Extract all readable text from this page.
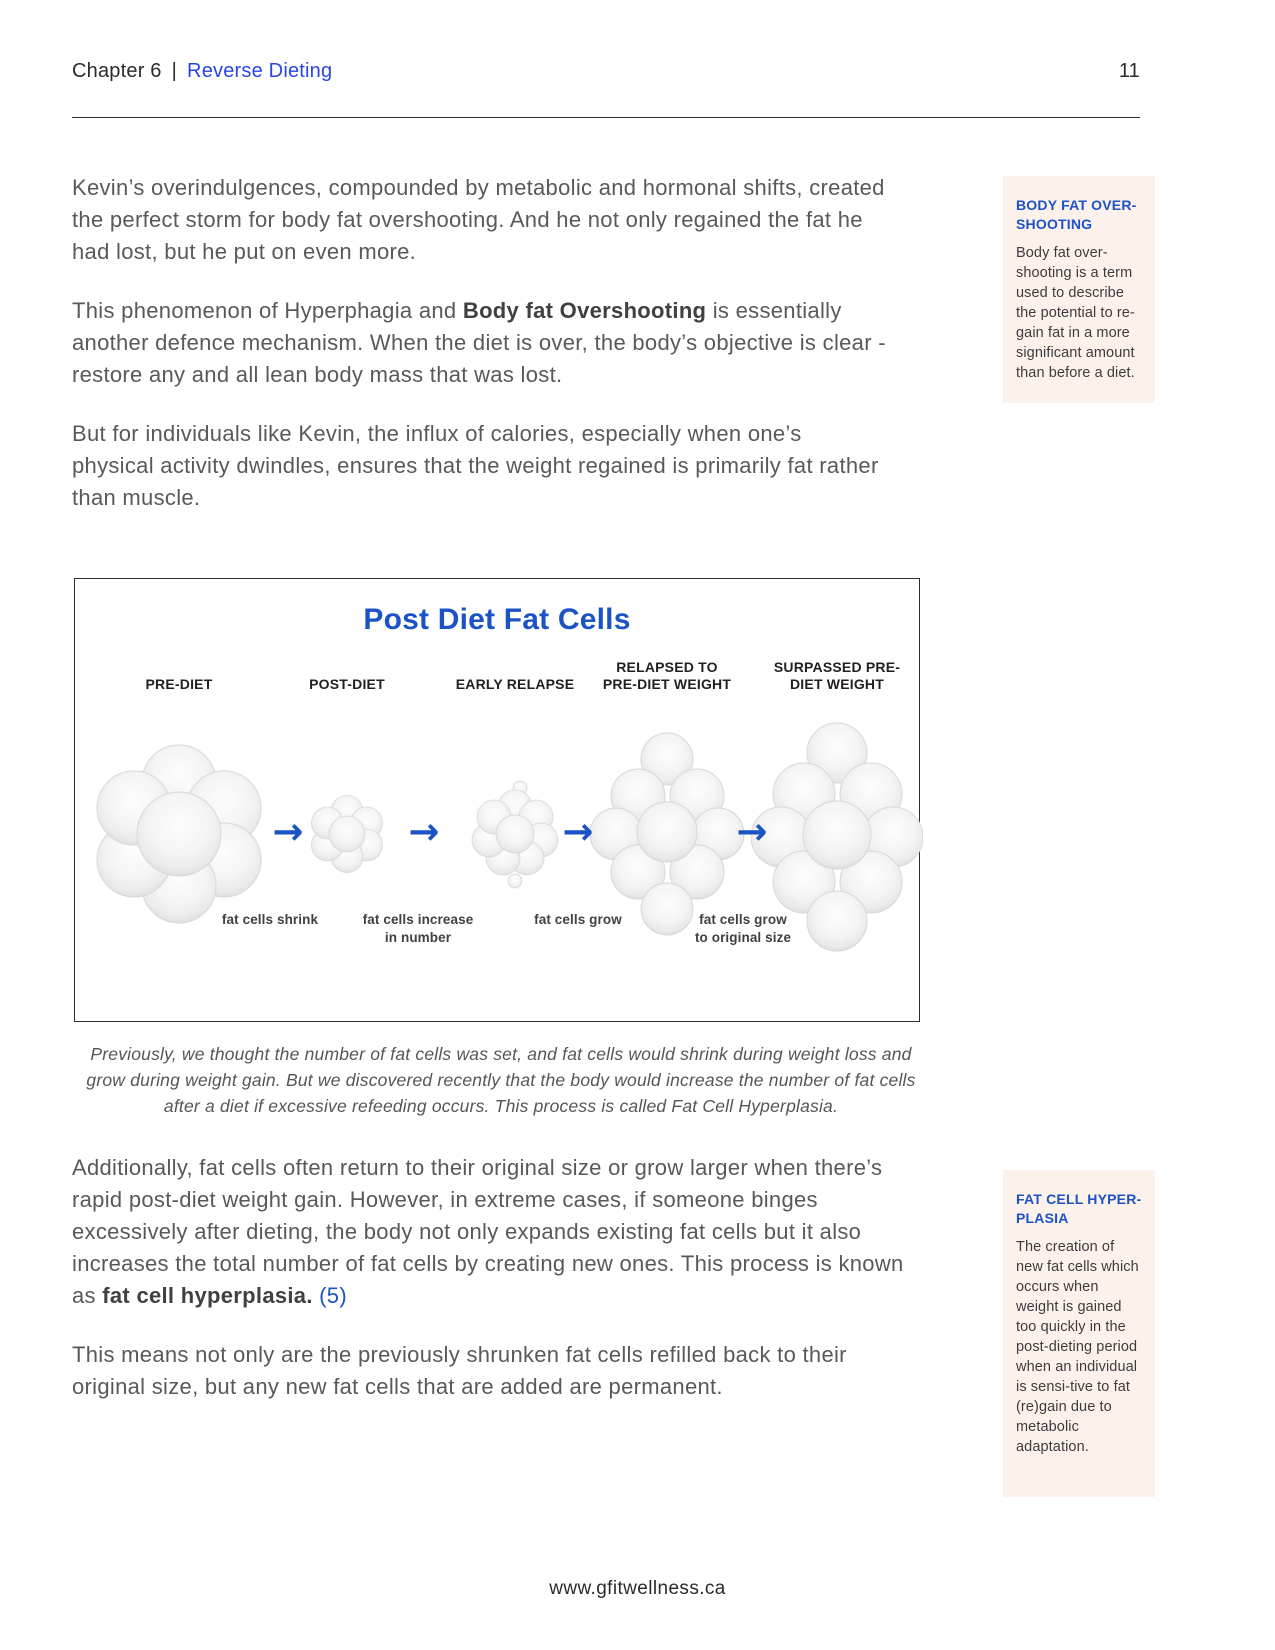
Chapter 6 | Reverse Dieting	11

Kevin’s overindulgences, compounded by metabolic and hormonal shifts, created the perfect storm for body fat overshooting. And he not only regained the fat he had lost, but he put on even more.

This phenomenon of Hyperphagia and Body fat Overshooting is essentially another defence mechanism. When the diet is over, the body’s objective is clear - restore any and all lean body mass that was lost.

But for individuals like Kevin, the influx of calories, especially when one’s physical activity dwindles, ensures that the weight regained is primarily fat rather than muscle.

BODY FAT OVER-SHOOTING

Body fat over-shooting is a term used to describe the potential to re-gain fat in a more significant amount than before a diet.

Post Diet Fat Cells
PRE-DIET	POST-DIET	EARLY RELAPSE
RELAPSED TO PRE-DIET WEIGHT
SURPASSED PRE-DIET WEIGHT
→	→	→	→
fat cells shrink	fat cells increase in number
fat cells grow	fat cells grow to original size

Previously, we thought the number of fat cells was set, and fat cells would shrink during weight loss and grow during weight gain. But we discovered recently that the body would increase the number of fat cells after a diet if excessive refeeding occurs. This process is called Fat Cell Hyperplasia.

Additionally, fat cells often return to their original size or grow larger when there’s rapid post-diet weight gain. However, in extreme cases, if someone binges excessively after dieting, the body not only expands existing fat cells but it also increases the total number of fat cells by creating new ones. This process is known as fat cell hyperplasia. (5)

This means not only are the previously shrunken fat cells refilled back to their original size, but any new fat cells that are added are permanent.

FAT CELL HYPER-PLASIA

The creation of new fat cells which occurs when weight is gained too quickly in the post-dieting period when an individual is sensi-tive to fat (re)gain due to metabolic adaptation.

www.gfitwellness.ca
